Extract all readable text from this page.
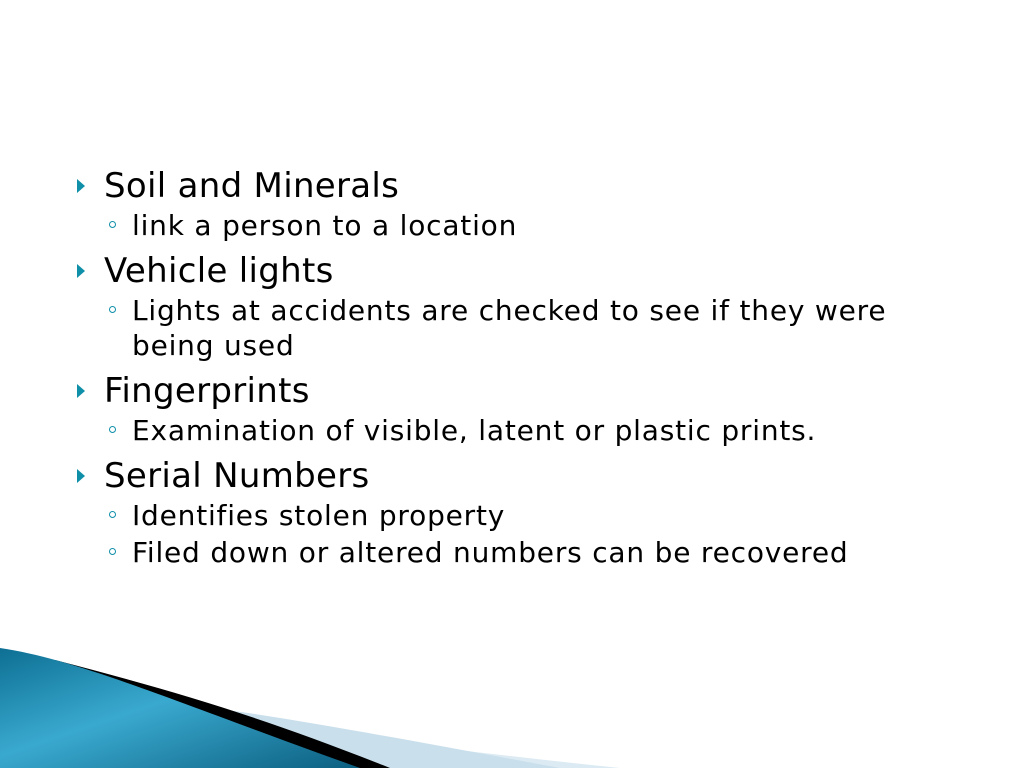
Soil and Minerals
link a person to a location
Vehicle lights
Lights at accidents are checked to see if they were being used
Fingerprints
Examination of visible, latent or plastic prints.
Serial Numbers
Identifies stolen property
Filed down or altered numbers can be recovered
